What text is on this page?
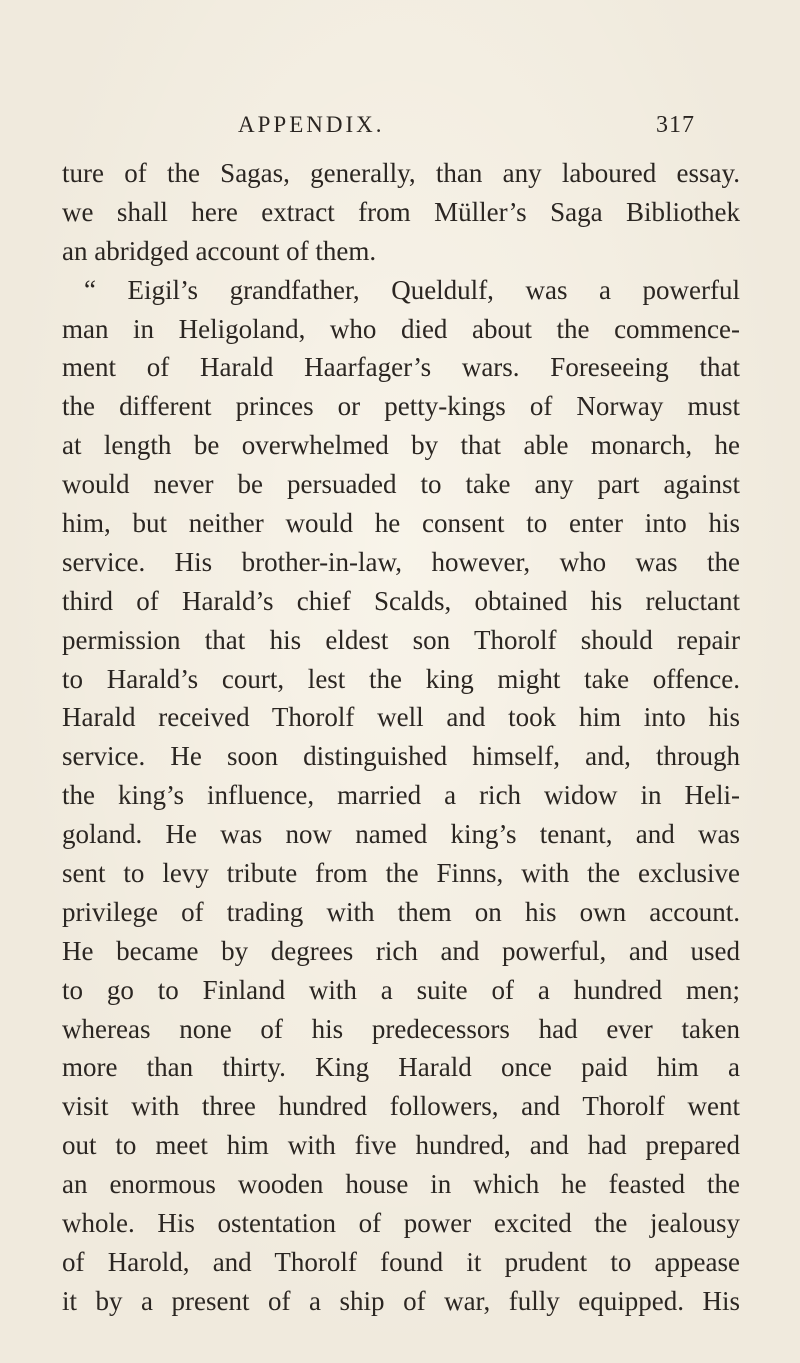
APPENDIX.	317
ture of the Sagas, generally, than any laboured essay.
we shall here extract from Müller’s Saga Bibliothek
an abridged account of them.
“ Eigil’s grandfather, Queldulf, was a powerful
man in Heligoland, who died about the commence-
ment of Harald Haarfager’s wars. Foreseeing that
the different princes or petty-kings of Norway must
at length be overwhelmed by that able monarch, he
would never be persuaded to take any part against
him, but neither would he consent to enter into his
service. His brother-in-law, however, who was the
third of Harald’s chief Scalds, obtained his reluctant
permission that his eldest son Thorolf should repair
to Harald’s court, lest the king might take offence.
Harald received Thorolf well and took him into his
service. He soon distinguished himself, and, through
the king’s influence, married a rich widow in Heli-
goland. He was now named king’s tenant, and was
sent to levy tribute from the Finns, with the exclusive
privilege of trading with them on his own account.
He became by degrees rich and powerful, and used
to go to Finland with a suite of a hundred men;
whereas none of his predecessors had ever taken
more than thirty. King Harald once paid him a
visit with three hundred followers, and Thorolf went
out to meet him with five hundred, and had prepared
an enormous wooden house in which he feasted the
whole. His ostentation of power excited the jealousy
of Harold, and Thorolf found it prudent to appease
it by a present of a ship of war, fully equipped. His
